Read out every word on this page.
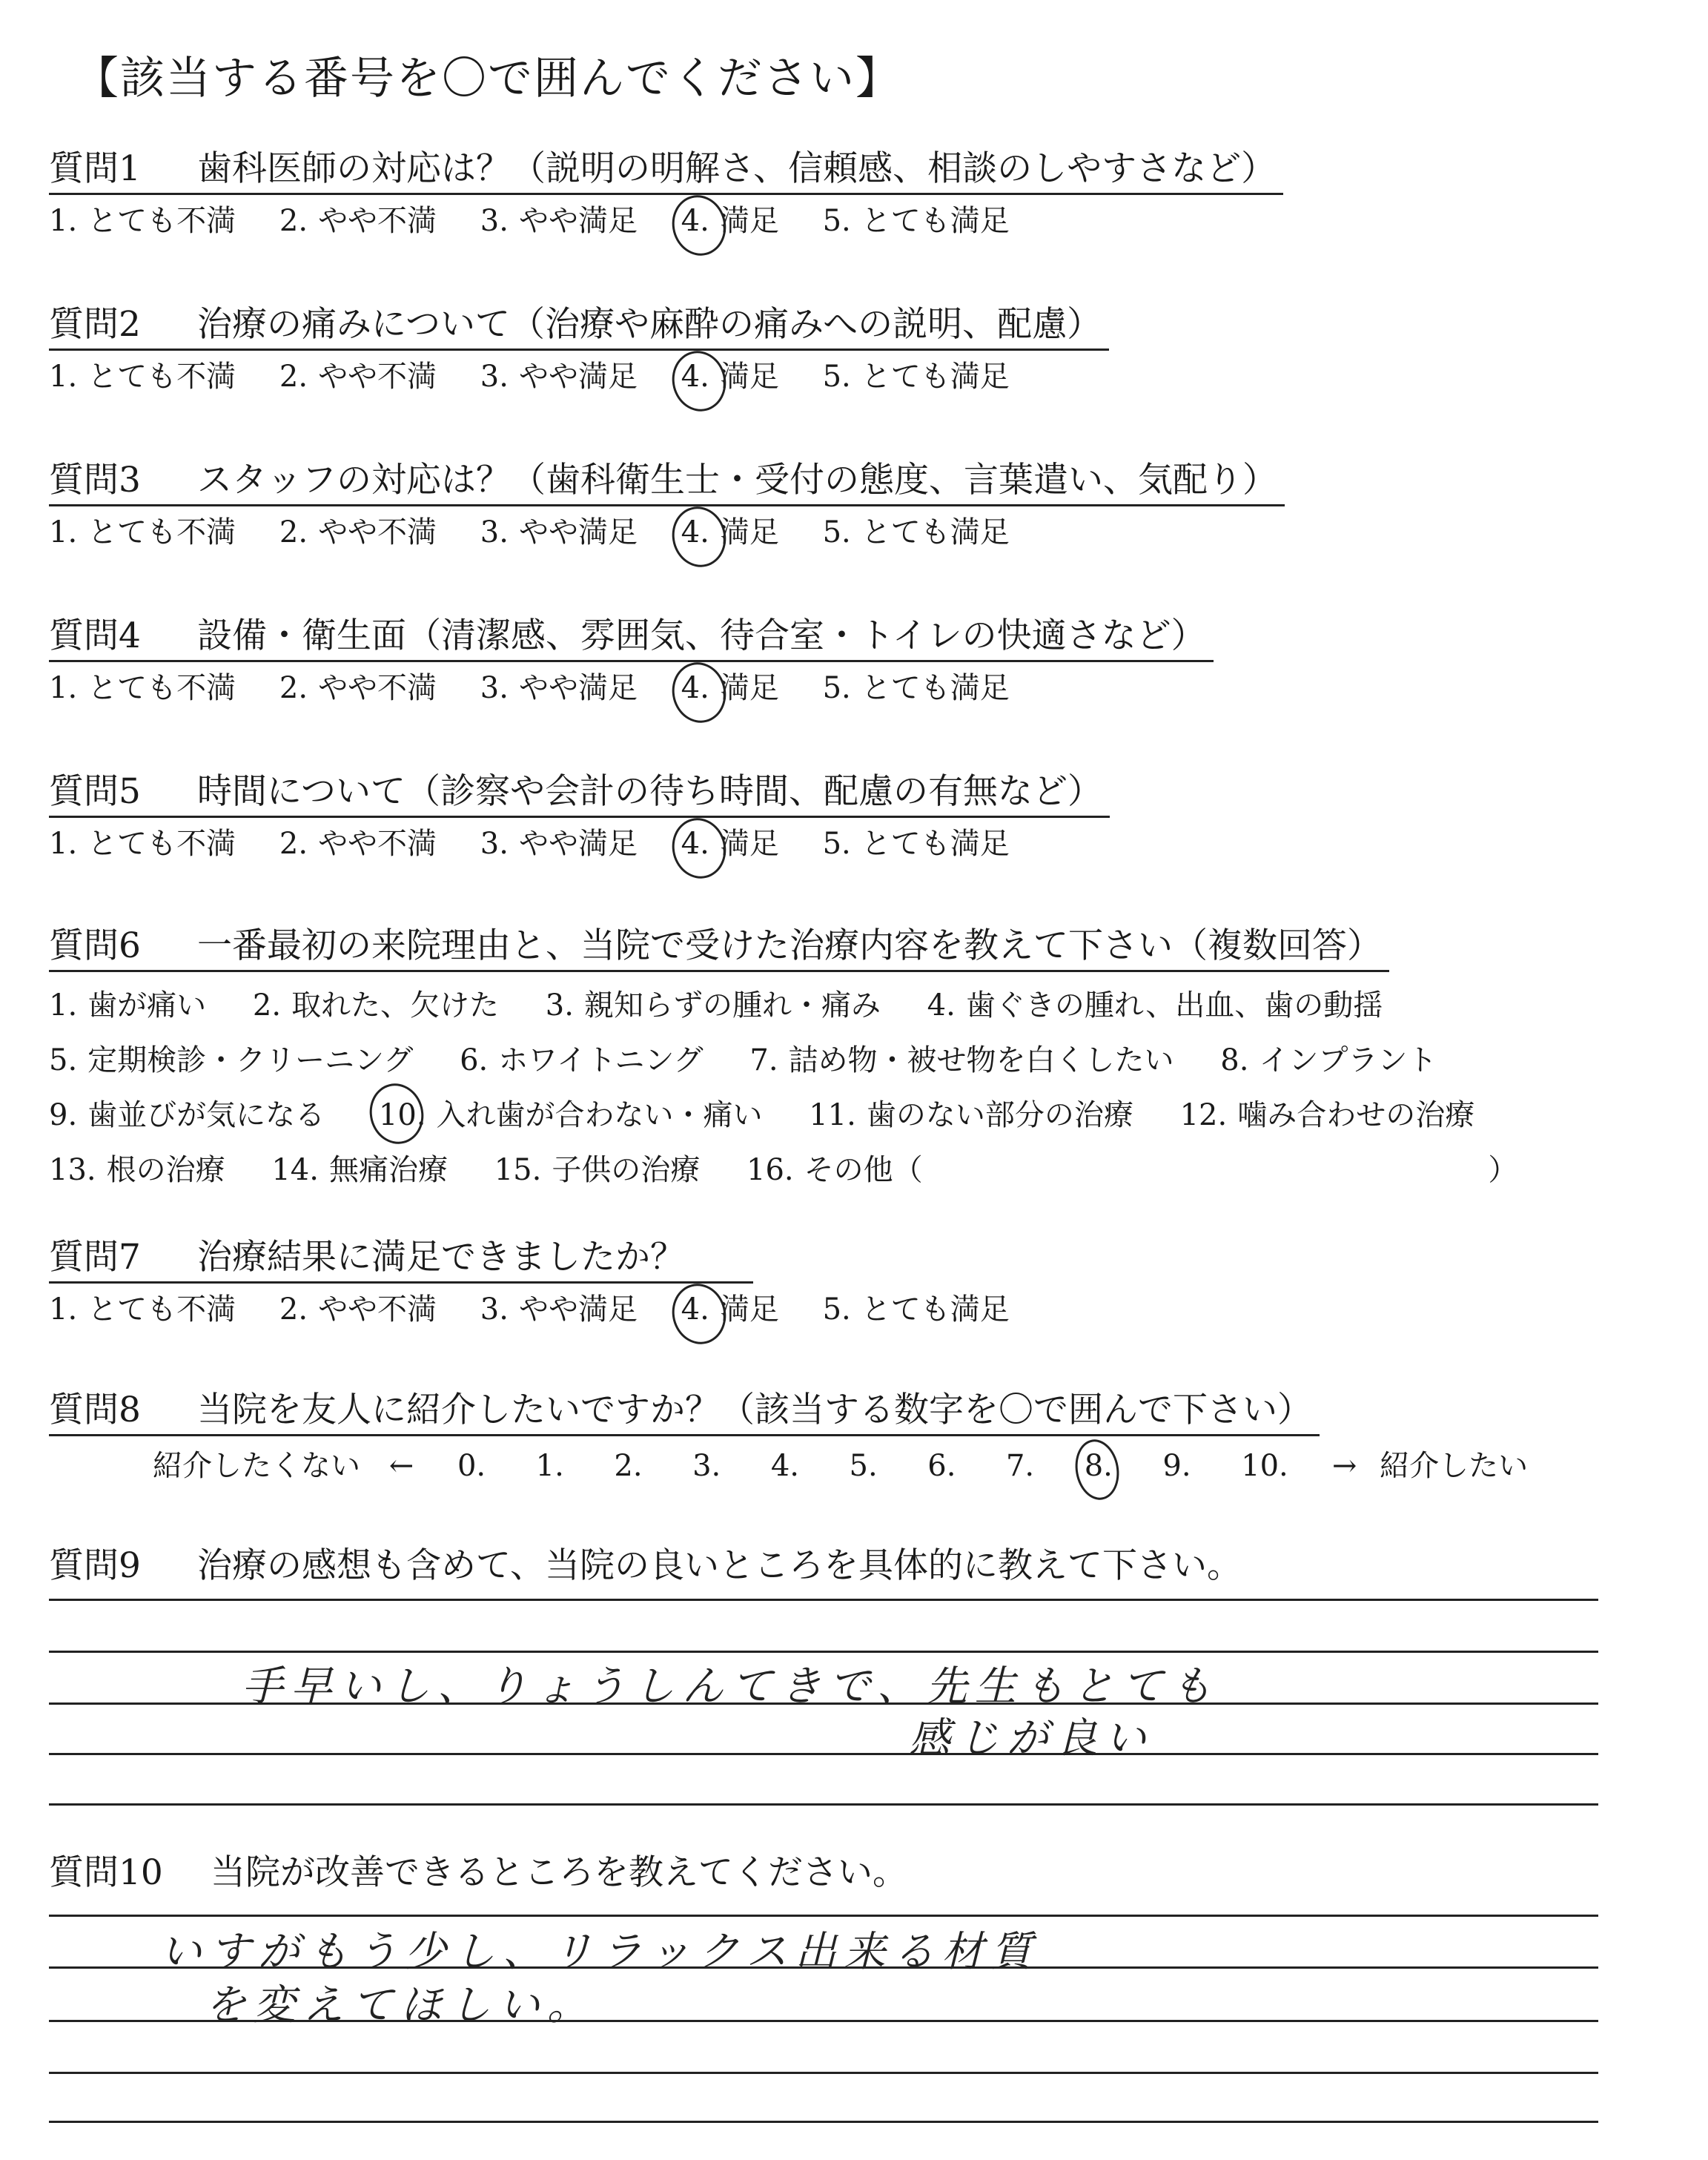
【該当する番号を〇で囲んでください】
質問1 歯科医師の対応は？（説明の明解さ、信頼感、相談のしやすさなど）
1. とても不満 2. やや不満 3. やや満足 4. 満足 5. とても満足
質問2 治療の痛みについて（治療や麻酔の痛みへの説明、配慮）
1. とても不満 2. やや不満 3. やや満足 4. 満足 5. とても満足
質問3 スタッフの対応は？（歯科衛生士・受付の態度、言葉遣い、気配り）
1. とても不満 2. やや不満 3. やや満足 4. 満足 5. とても満足
質問4 設備・衛生面（清潔感、雰囲気、待合室・トイレの快適さなど）
1. とても不満 2. やや不満 3. やや満足 4. 満足 5. とても満足
質問5 時間について（診察や会計の待ち時間、配慮の有無など）
1. とても不満 2. やや不満 3. やや満足 4. 満足 5. とても満足
質問6 一番最初の来院理由と、当院で受けた治療内容を教えて下さい（複数回答）
1. 歯が痛い 2. 取れた、欠けた 3. 親知らずの腫れ・痛み 4. 歯ぐきの腫れ、出血、歯の動揺
5. 定期検診・クリーニング 6. ホワイトニング 7. 詰め物・被せ物を白くしたい 8. インプラント
9. 歯並びが気になる 10. 入れ歯が合わない・痛い 11. 歯のない部分の治療 12. 噛み合わせの治療
13. 根の治療 14. 無痛治療 15. 子供の治療 16. その他（	）
質問7 治療結果に満足できましたか？
1. とても不満 2. やや不満 3. やや満足 4. 満足 5. とても満足
質問8 当院を友人に紹介したいですか？（該当する数字を〇で囲んで下さい）
紹介したくない ← 0. 1. 2. 3. 4. 5. 6. 7. 8. 9. 10. → 紹介したい
質問9 治療の感想も含めて、当院の良いところを具体的に教えて下さい。
手早いし、りょうしんてきで、先生もとても
感じが良い
質問10 当院が改善できるところを教えてください。
いすがもう少し、リラックス出来る材質
を変えてほしい。
